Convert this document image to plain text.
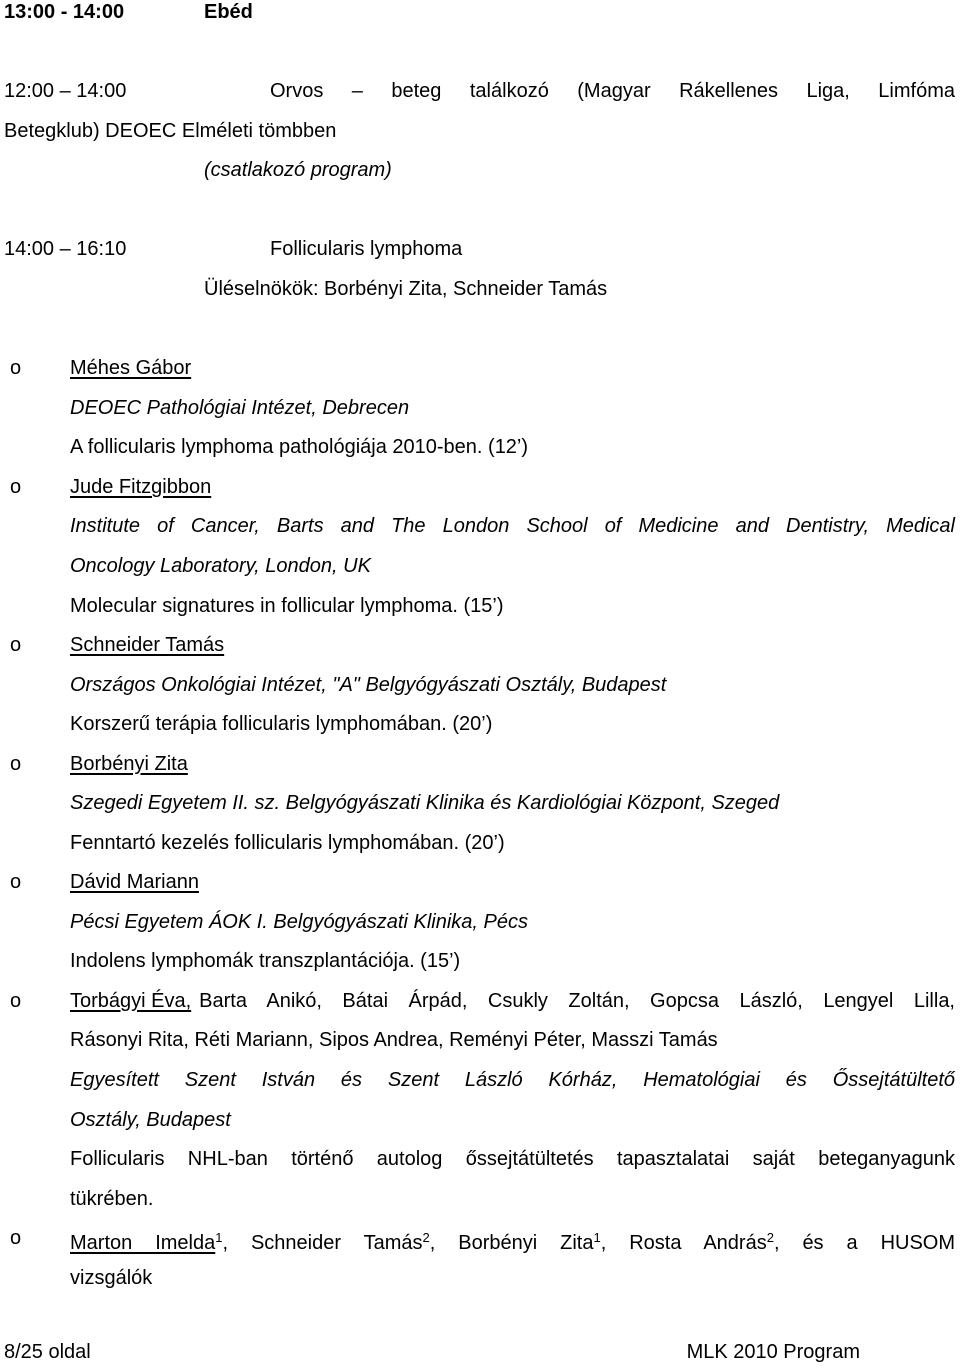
13:00 - 14:00	Ebéd
12:00 – 14:00	Orvos – beteg találkozó (Magyar Rákellenes Liga, Limfóma
Betegklub) DEOEC Elméleti tömbben
(csatlakozó program)
14:00 – 16:10	Follicularis lymphoma
Üléselnökök: Borbényi Zita, Schneider Tamás
o Méhes Gábor
DEOEC Pathológiai Intézet, Debrecen
A follicularis lymphoma pathológiája 2010-ben. (12’)
o Jude Fitzgibbon
Institute of Cancer, Barts and The London School of Medicine and Dentistry, Medical
Oncology Laboratory, London, UK
Molecular signatures in follicular lymphoma. (15’)
o Schneider Tamás
Országos Onkológiai Intézet, "A" Belgyógyászati Osztály, Budapest
Korszerű terápia follicularis lymphomában. (20’)
o Borbényi Zita
Szegedi Egyetem II. sz. Belgyógyászati Klinika és Kardiológiai Központ, Szeged
Fenntartó kezelés follicularis lymphomában. (20’)
o Dávid Mariann
Pécsi Egyetem ÁOK I. Belgyógyászati Klinika, Pécs
Indolens lymphomák transzplantációja. (15’)
o Torbágyi Éva, Barta Anikó, Bátai Árpád, Csukly Zoltán, Gopcsa László, Lengyel Lilla,
Rásonyi Rita, Réti Mariann, Sipos Andrea, Reményi Péter, Masszi Tamás
Egyesített Szent István és Szent László Kórház, Hematológiai és Őssejtátültető
Osztály, Budapest
Follicularis NHL-ban történő autolog őssejtátültetés tapasztalatai saját beteganyagunk
tükrében.
o Marton Imelda$^1$, Schneider Tamás$^2$, Borbényi Zita$^1$, Rosta András$^2$, és a HUSOM
vizsgálók
8/25 oldal	MLK 2010 Program
